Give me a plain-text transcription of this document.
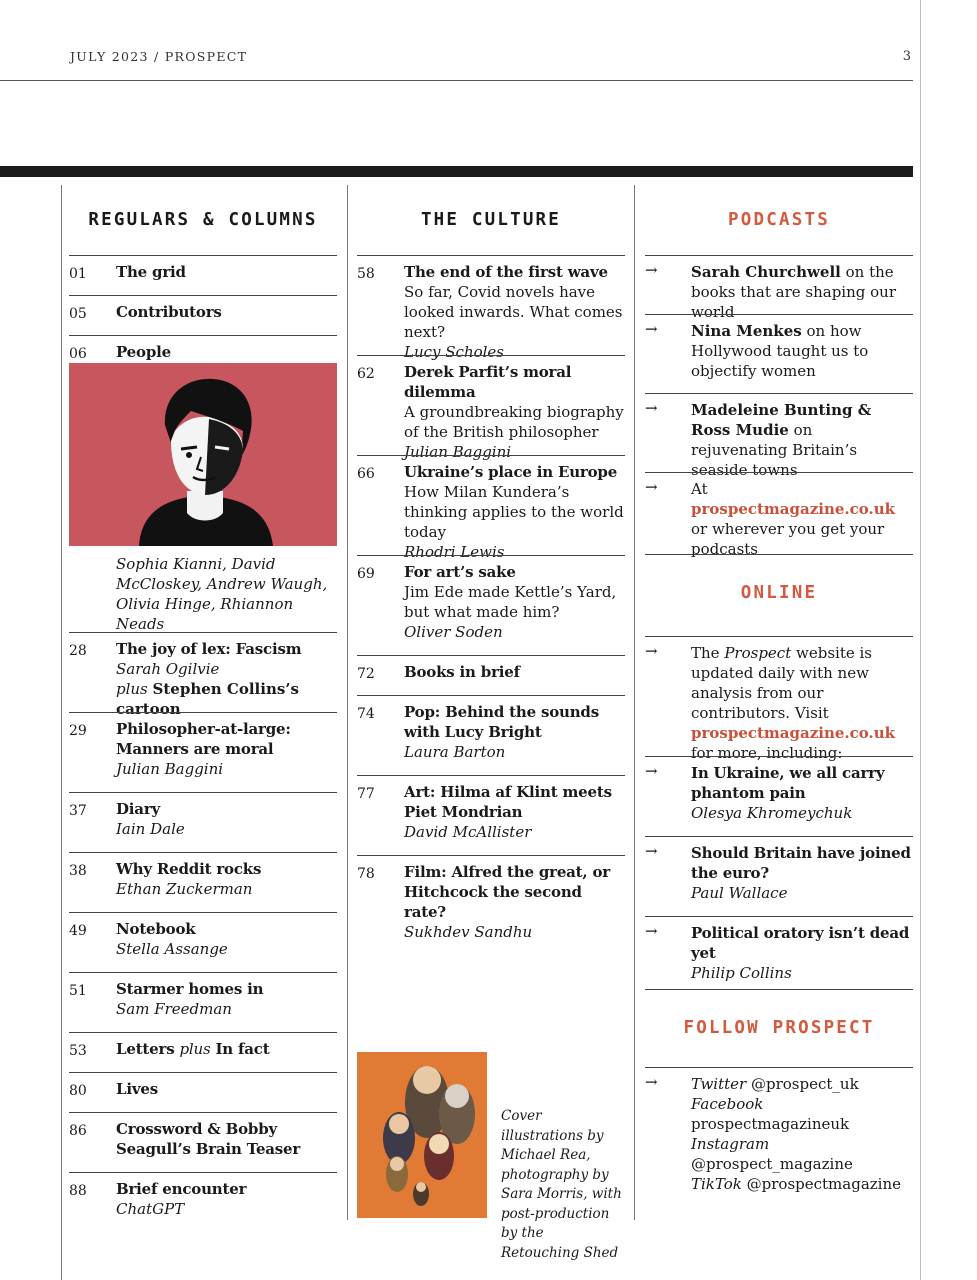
JULY 2023 / PROSPECT	3
REGULARS & COLUMNS
01 The grid
05 Contributors
06 People
Sophia Kianni, David McCloskey, Andrew Waugh, Olivia Hinge, Rhiannon Neads
28 The joy of lex: Fascism
Sarah Ogilvie
plus Stephen Collins’s cartoon
29 Philosopher-at-large: Manners are moral
Julian Baggini
37 Diary
Iain Dale
38 Why Reddit rocks
Ethan Zuckerman
49 Notebook
Stella Assange
51 Starmer homes in
Sam Freedman
53 Letters plus In fact
80 Lives
86 Crossword & Bobby Seagull’s Brain Teaser
88 Brief encounter
ChatGPT
THE CULTURE
58 The end of the first wave
So far, Covid novels have looked inwards. What comes next?
Lucy Scholes
62 Derek Parfit’s moral dilemma
A groundbreaking biography of the British philosopher
Julian Baggini
66 Ukraine’s place in Europe
How Milan Kundera’s thinking applies to the world today
Rhodri Lewis
69 For art’s sake
Jim Ede made Kettle’s Yard, but what made him?
Oliver Soden
72 Books in brief
74 Pop: Behind the sounds with Lucy Bright
Laura Barton
77 Art: Hilma af Klint meets Piet Mondrian
David McAllister
78 Film: Alfred the great, or Hitchcock the second rate?
Sukhdev Sandhu
Cover illustrations by Michael Rea, photography by Sara Morris, with post-production by the Retouching Shed
PODCASTS
→ Sarah Churchwell on the books that are shaping our world
→ Nina Menkes on how Hollywood taught us to objectify women
→ Madeleine Bunting & Ross Mudie on rejuvenating Britain’s seaside towns
→ At prospectmagazine.co.uk or wherever you get your podcasts
ONLINE
→ The Prospect website is updated daily with new analysis from our contributors. Visit prospectmagazine.co.uk for more, including:
→ In Ukraine, we all carry phantom pain
Olesya Khromeychuk
→ Should Britain have joined the euro?
Paul Wallace
→ Political oratory isn’t dead yet
Philip Collins
FOLLOW PROSPECT
→ Twitter @prospect_uk
Facebook prospectmagazineuk
Instagram @prospect_magazine
TikTok @prospectmagazine
